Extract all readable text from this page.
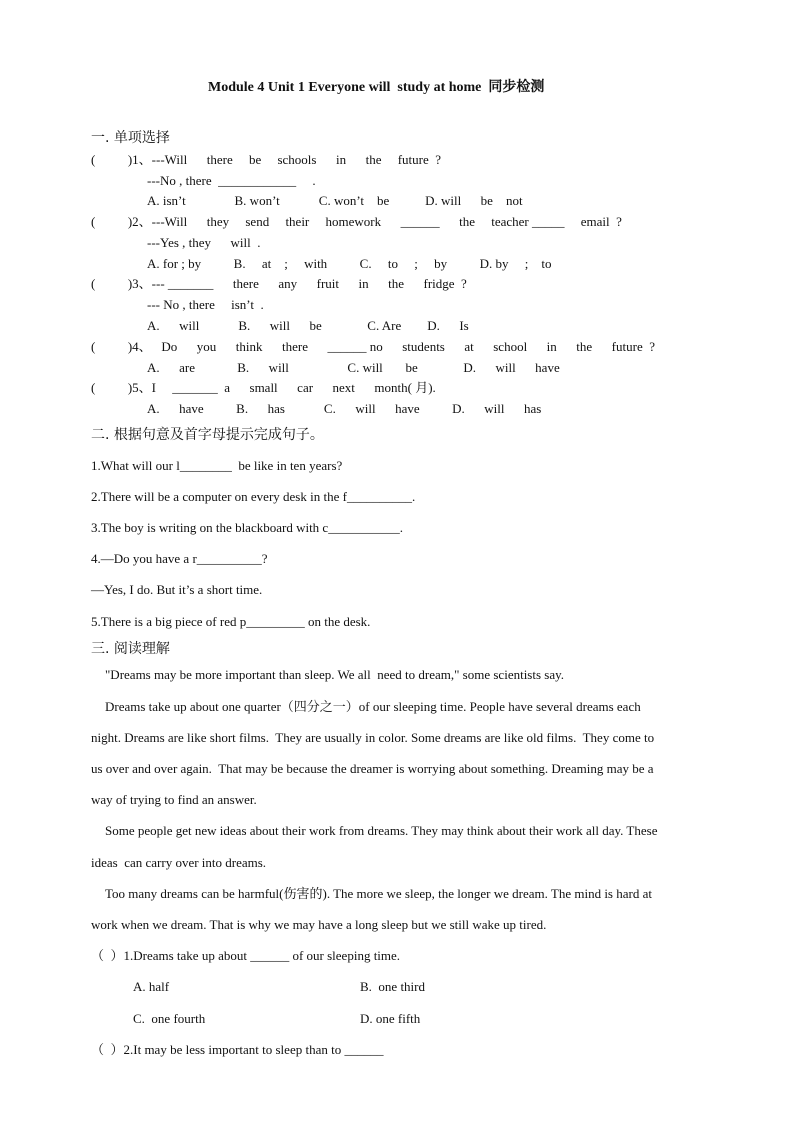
Module 4 Unit 1 Everyone will  study at home  同步检测
一. 单项选择
(          )1、---Will      there     be     schools      in      the     future  ?
---No , there  ____________     .
A. isn’t               B. won’t            C. won’t    be           D. will      be    not
(          )2、---Will      they     send     their     homework      ______      the     teacher _____     email  ?
---Yes , they      will  .
A. for ; by          B.     at    ;     with          C.     to     ;     by          D. by     ;    to
(          )3、--- _______      there      any      fruit      in      the      fridge  ?
--- No , there     isn’t  .
A.      will            B.      will      be              C. Are        D.      Is
(          )4、   Do      you      think      there      ______ no      students      at      school      in      the      future  ?
A.      are             B.      will                  C. will       be              D.      will      have
(          )5、I     _______  a      small      car      next      month( 月).
A.      have          B.      has            C.      will      have          D.      will      has
二. 根据句意及首字母提示完成句子。
1.What will our l________  be like in ten years?
2.There will be a computer on every desk in the f__________.
3.The boy is writing on the blackboard with c___________.
4.—Do you have a r__________?
—Yes, I do. But it’s a short time.
5.There is a big piece of red p_________ on the desk.
三. 阅读理解
"Dreams may be more important than sleep. We all  need to dream," some scientists say.
Dreams take up about one quarter（四分之一）of our sleeping time. People have several dreams each
night. Dreams are like short films.  They are usually in color. Some dreams are like old films.  They come to
us over and over again.  That may be because the dreamer is worrying about something. Dreaming may be a
way of trying to find an answer.
Some people get new ideas about their work from dreams. They may think about their work all day. These
ideas  can carry over into dreams.
Too many dreams can be harmful(伤害的). The more we sleep, the longer we dream. The mind is hard at
work when we dream. That is why we may have a long sleep but we still wake up tired.
（  ）1.Dreams take up about ______ of our sleeping time.
A. half	B.  one third
C.  one fourth	D. one fifth
（  ）2.It may be less important to sleep than to ______
